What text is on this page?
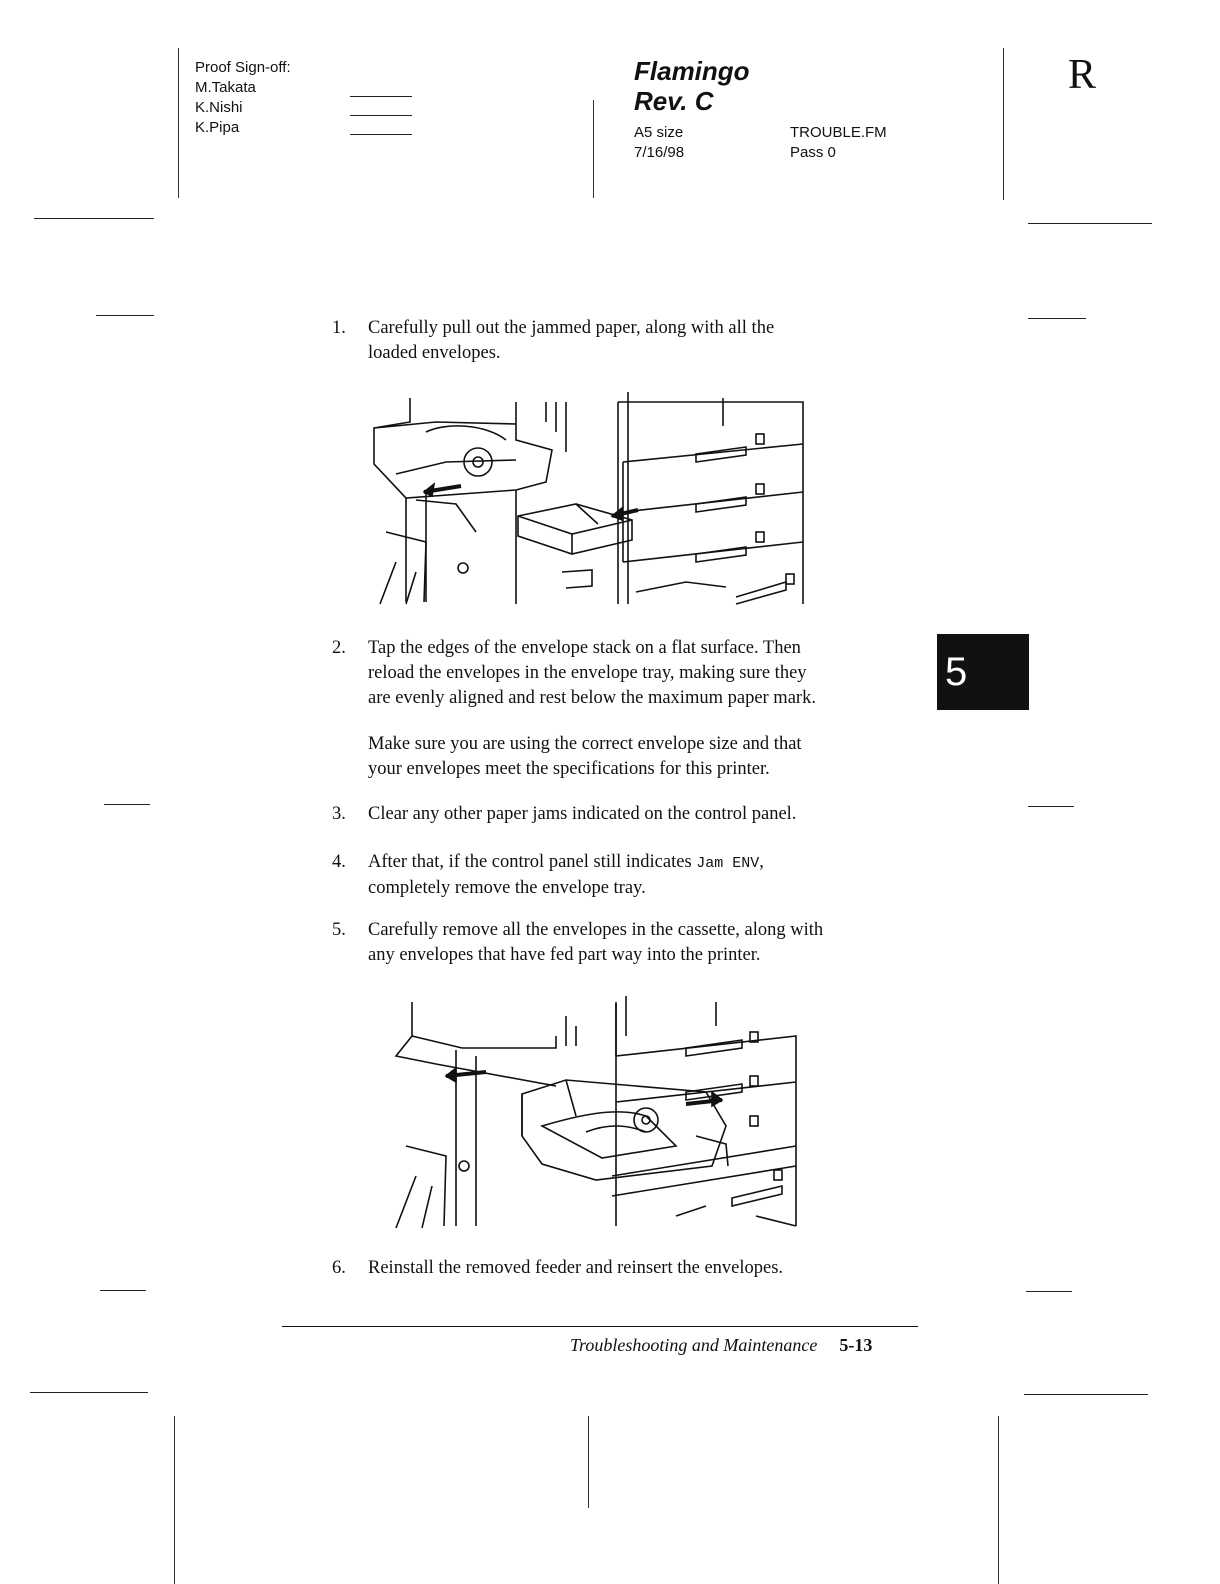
Proof Sign-off:
M.Takata
K.Nishi
K.Pipa
Flamingo
Rev. C
A5 size
7/16/98
TROUBLE.FM
Pass 0
R
1. Carefully pull out the jammed paper, along with all the
loaded envelopes.
2. Tap the edges of the envelope stack on a flat surface. Then
reload the envelopes in the envelope tray, making sure they
are evenly aligned and rest below the maximum paper mark.
5
Make sure you are using the correct envelope size and that
your envelopes meet the specifications for this printer.
3. Clear any other paper jams indicated on the control panel.
4. After that, if the control panel still indicates Jam ENV,
completely remove the envelope tray.
5. Carefully remove all the envelopes in the cassette, along with
any envelopes that have fed part way into the printer.
6. Reinstall the removed feeder and reinsert the envelopes.
Troubleshooting and Maintenance 5-13
